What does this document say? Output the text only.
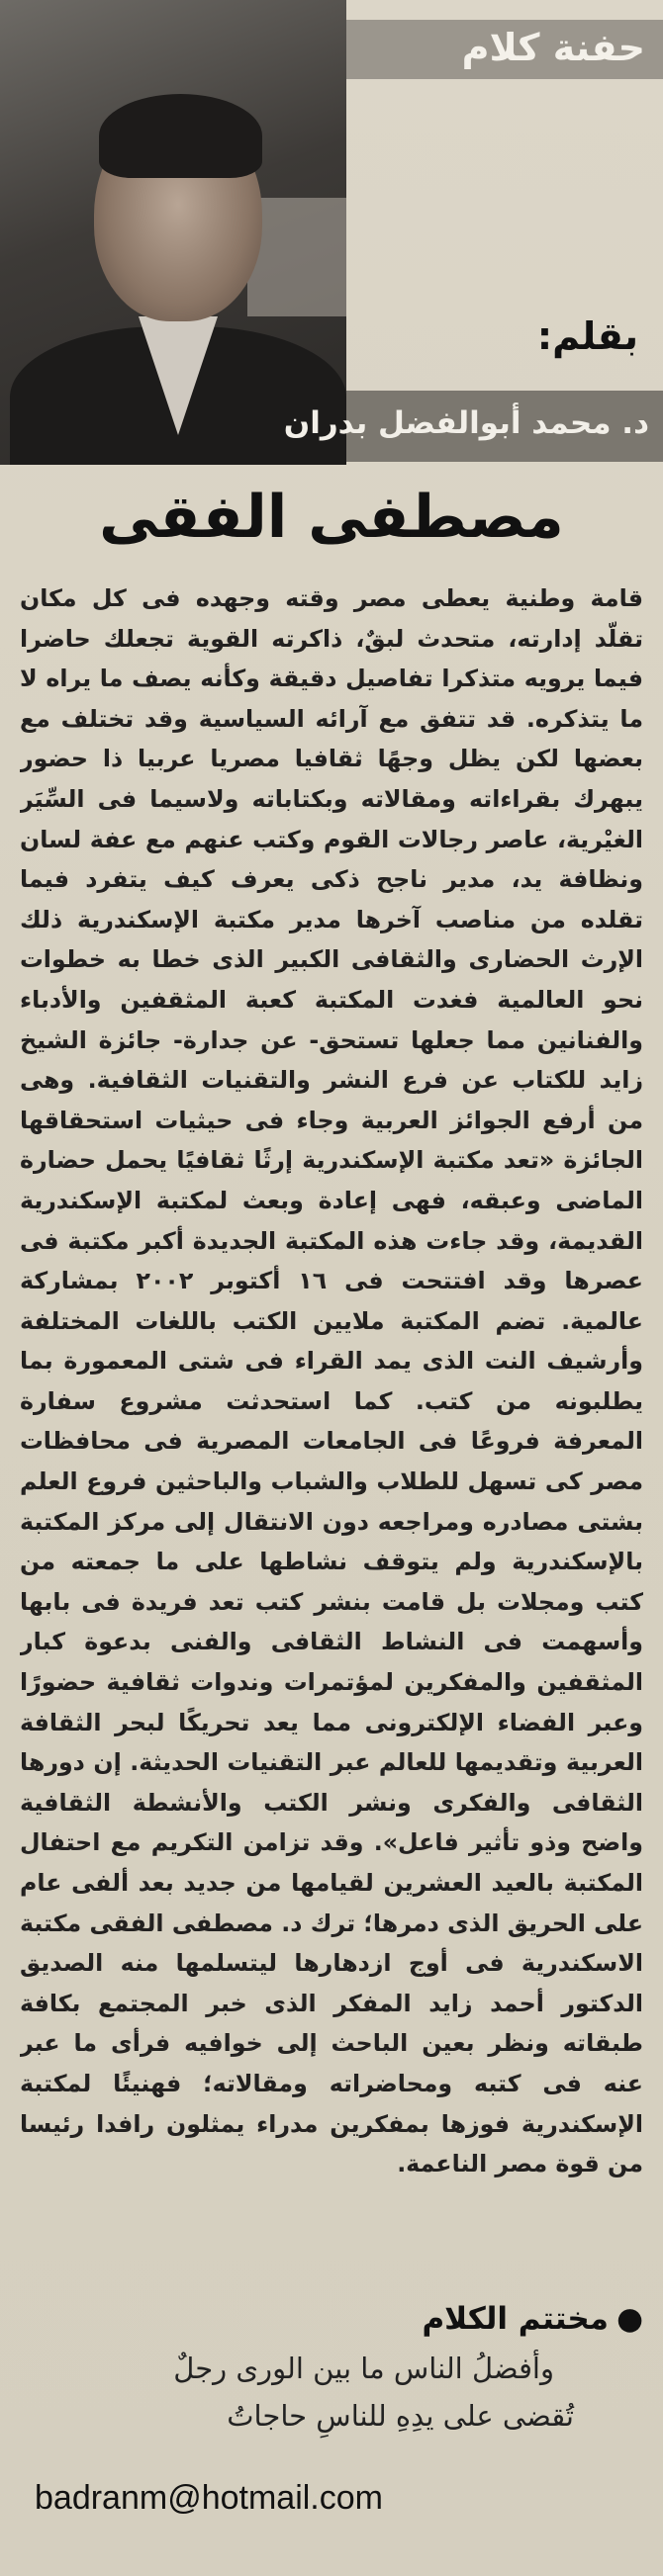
حفنة كلام
بقلم:
د. محمد أبوالفضل بدران
مصطفى الفقى
قامة وطنية يعطى مصر وقته وجهده فى كل مكان تقلّد إدارته، متحدث لبقٌ، ذاكرته القوية تجعلك حاضرا فيما يرويه متذكرا تفاصيل دقيقة وكأنه يصف ما يراه لا ما يتذكره. قد تتفق مع آرائه السياسية وقد تختلف مع بعضها لكن يظل وجهًا ثقافيا مصريا عربيا ذا حضور يبهرك بقراءاته ومقالاته وبكتاباته ولاسيما فى السِّيَر الغيْرية، عاصر رجالات القوم وكتب عنهم مع عفة لسان ونظافة يد، مدير ناجح ذكى يعرف كيف يتفرد فيما تقلده من مناصب آخرها مدير مكتبة الإسكندرية ذلك الإرث الحضارى والثقافى الكبير الذى خطا به خطوات نحو العالمية فغدت المكتبة كعبة المثقفين والأدباء والفنانين مما جعلها تستحق- عن جدارة- جائزة الشيخ زايد للكتاب عن فرع النشر والتقنيات الثقافية. وهى من أرفع الجوائز العربية وجاء فى حيثيات استحقاقها الجائزة «تعد مكتبة الإسكندرية إرثًا ثقافيًا يحمل حضارة الماضى وعبقه، فهى إعادة وبعث لمكتبة الإسكندرية القديمة، وقد جاءت هذه المكتبة الجديدة أكبر مكتبة فى عصرها وقد افتتحت فى ١٦ أكتوبر ٢٠٠٢ بمشاركة عالمية. تضم المكتبة ملايين الكتب باللغات المختلفة وأرشيف النت الذى يمد القراء فى شتى المعمورة بما يطلبونه من كتب. كما استحدثت مشروع سفارة المعرفة فروعًا فى الجامعات المصرية فى محافظات مصر كى تسهل للطلاب والشباب والباحثين فروع العلم بشتى مصادره ومراجعه دون الانتقال إلى مركز المكتبة بالإسكندرية ولم يتوقف نشاطها على ما جمعته من كتب ومجلات بل قامت بنشر كتب تعد فريدة فى بابها وأسهمت فى النشاط الثقافى والفنى بدعوة كبار المثقفين والمفكرين لمؤتمرات وندوات ثقافية حضورًا وعبر الفضاء الإلكترونى مما يعد تحريكًا لبحر الثقافة العربية وتقديمها للعالم عبر التقنيات الحديثة. إن دورها الثقافى والفكرى ونشر الكتب والأنشطة الثقافية واضح وذو تأثير فاعل». وقد تزامن التكريم مع احتفال المكتبة بالعيد العشرين لقيامها من جديد بعد ألفى عام على الحريق الذى دمرها؛ ترك د. مصطفى الفقى مكتبة الاسكندرية فى أوج ازدهارها ليتسلمها منه الصديق الدكتور أحمد زايد المفكر الذى خبر المجتمع بكافة طبقاته ونظر بعين الباحث إلى خوافيه فرأى ما عبر عنه فى كتبه ومحاضراته ومقالاته؛ فهنيئًا لمكتبة الإسكندرية فوزها بمفكرين مدراء يمثلون رافدا رئيسا من قوة مصر الناعمة.
●مختتم الكلام
وأفضلُ الناس ما بين الورى رجلٌ
تُقضى على يدِهِ للناسِ حاجاتُ
badranm@hotmail.com
